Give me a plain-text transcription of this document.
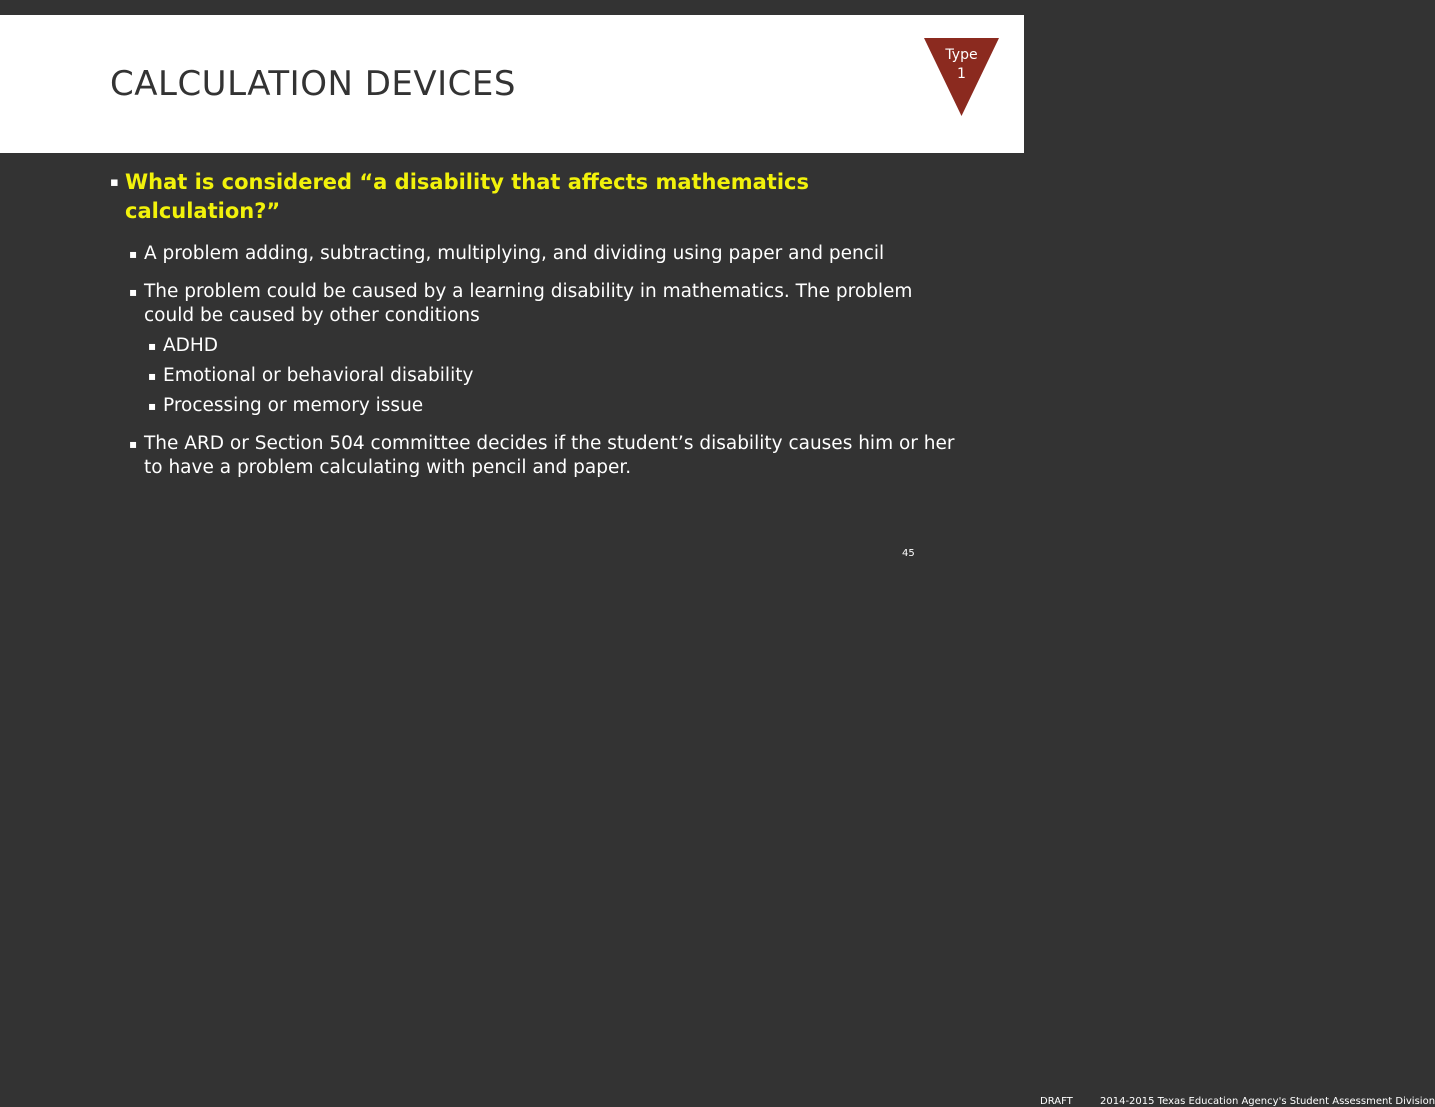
CALCULATION DEVICES
Type
1
▪ What is considered “a disability that affects mathematics calculation?”
▪ A problem adding, subtracting, multiplying, and dividing using paper and pencil
▪ The problem could be caused by a learning disability in mathematics. The problem could be caused by other conditions
▪ ADHD
▪ Emotional or behavioral disability
▪ Processing or memory issue
▪ The ARD or Section 504 committee decides if the student’s disability causes him or her to have a problem calculating with pencil and paper.
DRAFT	2014-2015 Texas Education Agency's Student Assessment Division
45
